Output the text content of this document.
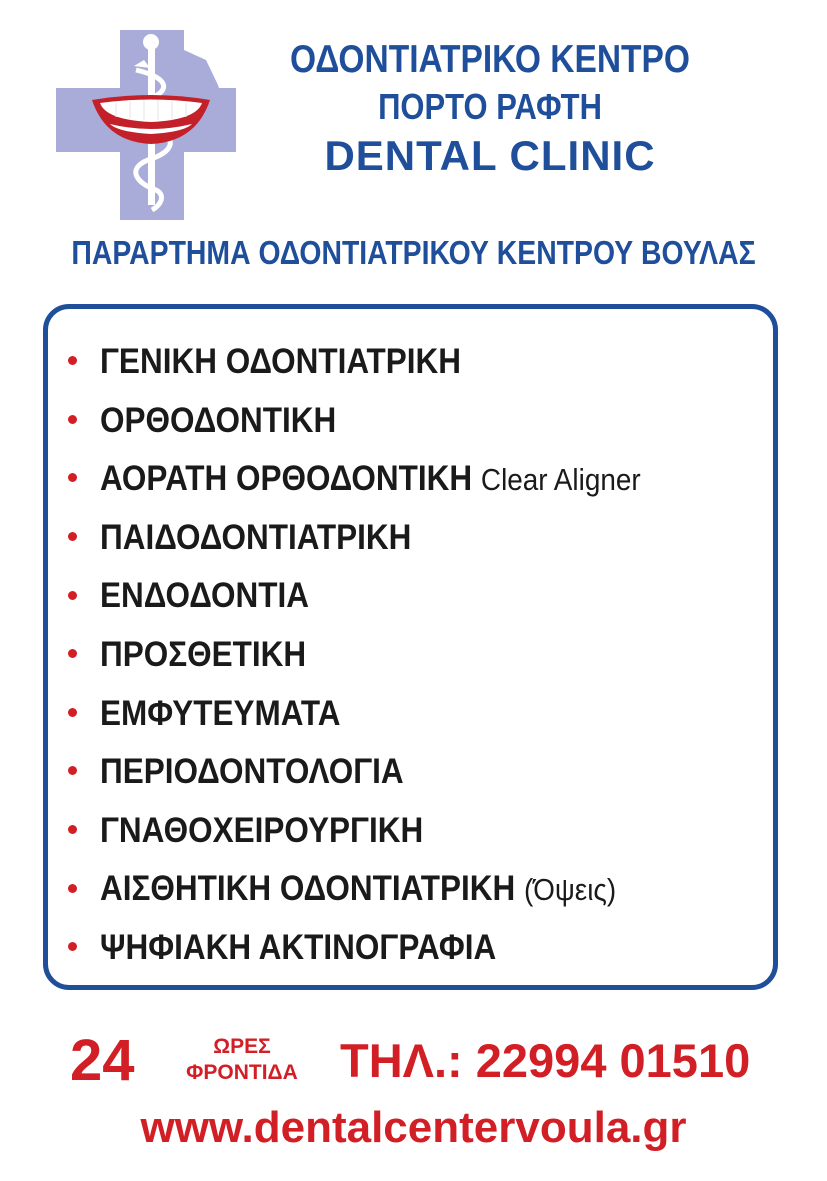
ΟΔΟΝΤΙΑΤΡΙΚΟ ΚΕΝΤΡΟ
ΠΟΡΤΟ ΡΑΦΤΗ
DENTAL CLINIC
ΠΑΡΑΡΤΗΜΑ ΟΔΟΝΤΙΑΤΡΙΚΟΥ ΚΕΝΤΡΟΥ ΒΟΥΛΑΣ
ΓΕΝΙΚΗ ΟΔΟΝΤΙΑΤΡΙΚΗ
ΟΡΘΟΔΟΝΤΙΚΗ
ΑΟΡΑΤΗ ΟΡΘΟΔΟΝΤΙΚΗ Clear Aligner
ΠΑΙΔΟΔΟΝΤΙΑΤΡΙΚΗ
ΕΝΔΟΔΟΝΤΙΑ
ΠΡΟΣΘΕΤΙΚΗ
ΕΜΦΥΤΕΥΜΑΤΑ
ΠΕΡΙΟΔΟΝΤΟΛΟΓΙΑ
ΓΝΑΘΟΧΕΙΡΟΥΡΓΙΚΗ
ΑΙΣΘΗΤΙΚΗ ΟΔΟΝΤΙΑΤΡΙΚΗ (Όψεις)
ΨΗΦΙΑΚΗ ΑΚΤΙΝΟΓΡΑΦΙΑ
24	ΩΡΕΣ
ΦΡΟΝΤΙΔΑ ΤΗΛ.: 22994 01510
www.dentalcentervoula.gr
